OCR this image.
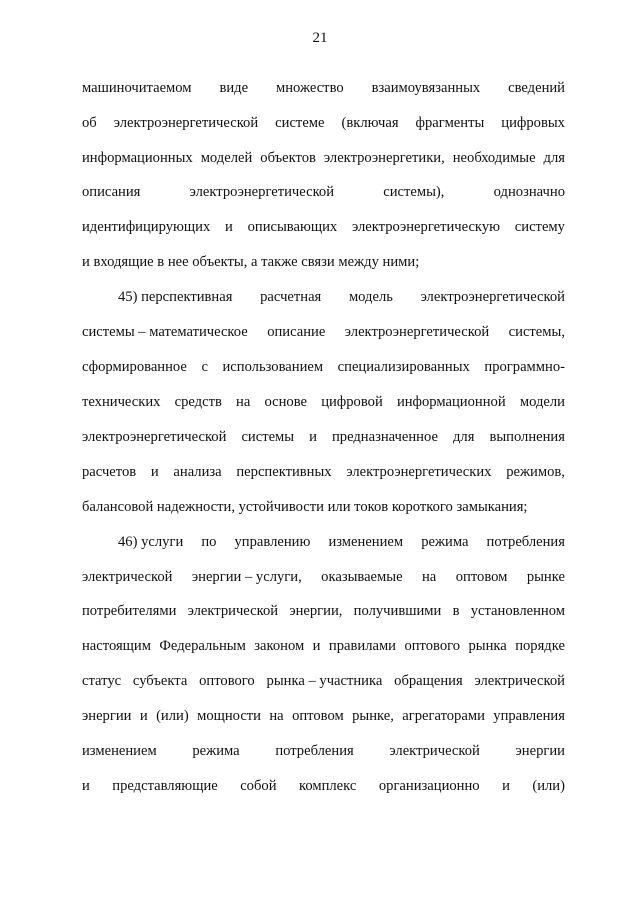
21
машиночитаемом виде множество взаимоувязанных сведений
об электроэнергетической системе (включая фрагменты цифровых
информационных моделей объектов электроэнергетики, необходимые для
описания	электроэнергетической	системы),	однозначно
идентифицирующих и описывающих электроэнергетическую систему
и входящие в нее объекты, а также связи между ними;
45) перспективная расчетная модель электроэнергетической
системы – математическое описание электроэнергетической системы,
сформированное с использованием специализированных программно-
технических средств на основе цифровой информационной модели
электроэнергетической системы и предназначенное для выполнения
расчетов и анализа перспективных электроэнергетических режимов,
балансовой надежности, устойчивости или токов короткого замыкания;
46) услуги по управлению изменением режима потребления
электрической энергии – услуги, оказываемые на оптовом рынке
потребителями электрической энергии, получившими в установленном
настоящим Федеральным законом и правилами оптового рынка порядке
статус субъекта оптового рынка – участника обращения электрической
энергии и (или) мощности на оптовом рынке, агрегаторами управления
изменением режима потребления электрической энергии
и представляющие собой комплекс организационно и (или)
